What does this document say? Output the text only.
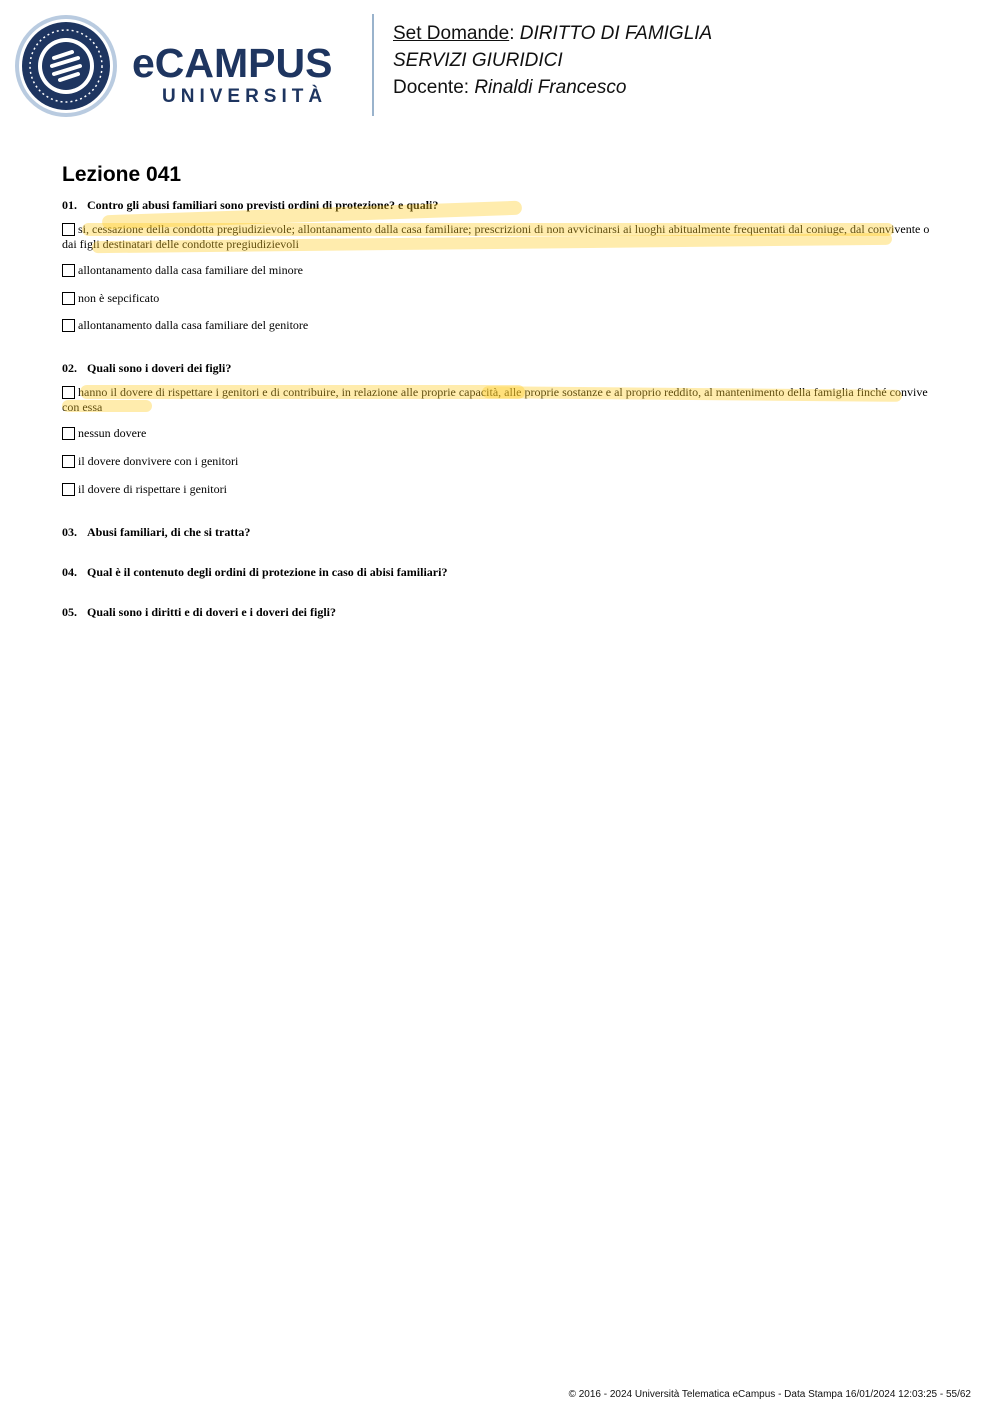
eCAMPUS
UNIVERSITÀ
Set Domande: DIRITTO DI FAMIGLIA
SERVIZI GIURIDICI
Docente: Rinaldi Francesco
Lezione 041
01. Contro gli abusi familiari sono previsti ordini di protezione? e quali?
si, cessazione della condotta pregiudizievole; allontanamento dalla casa familiare; prescrizioni di non avvicinarsi ai luoghi abitualmente frequentati dal coniuge, dal convivente o dai figli destinatari delle condotte pregiudizievoli
allontanamento dalla casa familiare del minore
non è sepcificato
allontanamento dalla casa familiare del genitore
02. Quali sono i doveri dei figli?
hanno il dovere di rispettare i genitori e di contribuire, in relazione alle proprie capacità, alle proprie sostanze e al proprio reddito, al mantenimento della famiglia finché convive con essa
nessun dovere
il dovere donvivere con i genitori
il dovere di rispettare i genitori
03. Abusi familiari, di che si tratta?
04. Qual è il contenuto degli ordini di protezione in caso di abisi familiari?
05. Quali sono i diritti e di doveri e i doveri dei figli?
© 2016 - 2024 Università Telematica eCampus - Data Stampa 16/01/2024 12:03:25 - 55/62
